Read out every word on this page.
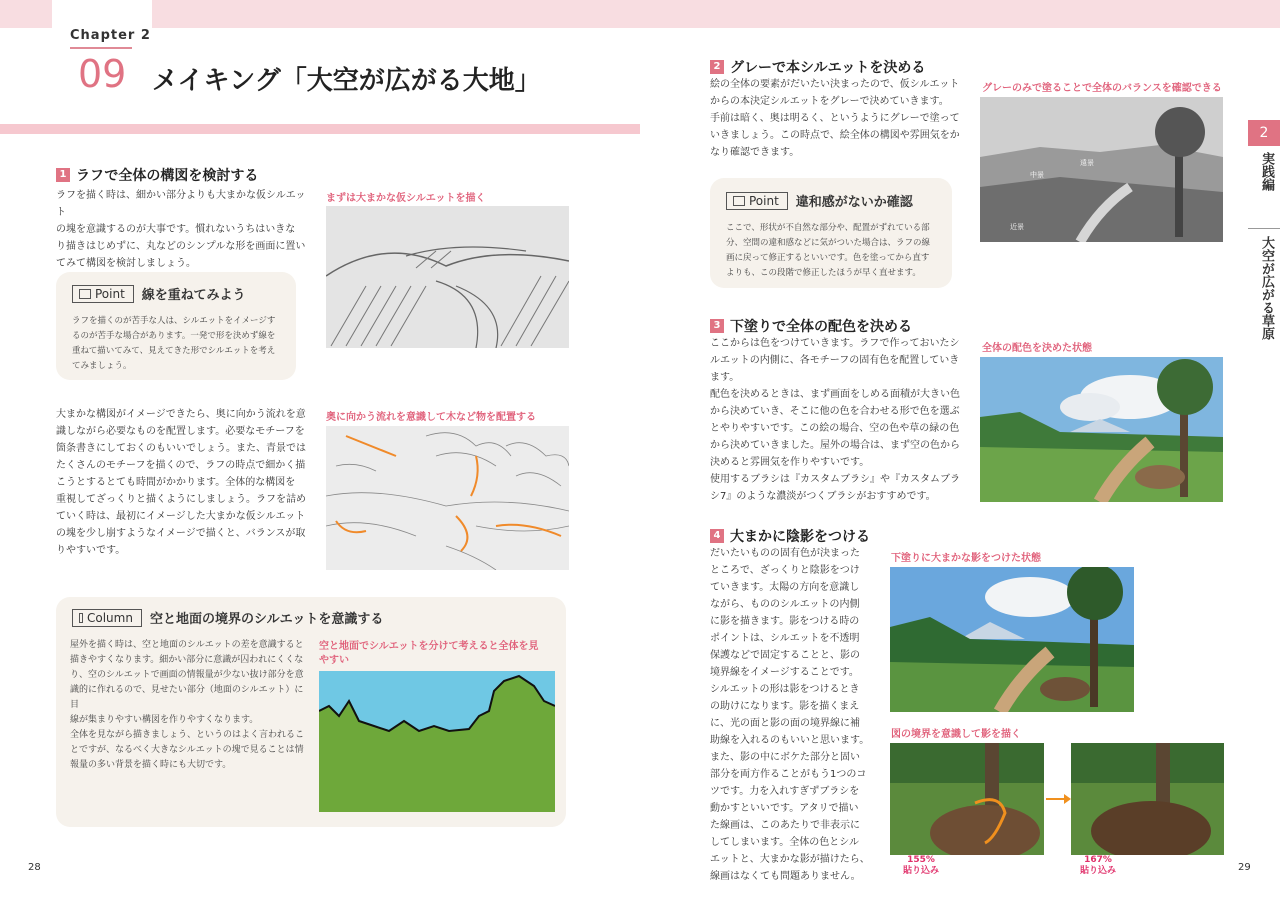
Chapter 2
09 メイキング「大空が広がる大地」
1 ラフで全体の構図を検討する
ラフを描く時は、細かい部分よりも大まかな仮シルエット
の塊を意識するのが大事です。慣れないうちはいきな
り描きはじめずに、丸などのシンプルな形を画面に置い
てみて構図を検討しましょう。
まずは大まかな仮シルエットを描く
Point 線を重ねてみよう
ラフを描くのが苦手な人は、シルエットをイメージす
るのが苦手な場合があります。一発で形を決めず線を
重ねて描いてみて、見えてきた形でシルエットを考え
てみましょう。
大まかな構図がイメージできたら、奥に向かう流れを意
識しながら必要なものを配置します。必要なモチーフを
箇条書きにしておくのもいいでしょう。また、青景では
たくさんのモチーフを描くので、ラフの時点で細かく描
こうとするとても時間がかかります。全体的な構図を
重視してざっくりと描くようにしましょう。ラフを詰め
ていく時は、最初にイメージした大まかな仮シルエット
の塊を少し崩すようなイメージで描くと、バランスが取
りやすいです。
奥に向かう流れを意識して木など物を配置する
Column 空と地面の境界のシルエットを意識する
屋外を描く時は、空と地面のシルエットの差を意識すると
描きやすくなります。細かい部分に意識が囚われにくくな
り、空のシルエットで画面の情報量が少ない抜け部分を意
識的に作れるので、見せたい部分（地面のシルエット）に目
線が集まりやすい構図を作りやすくなります。
全体を見ながら描きましょう、というのはよく言われるこ
とですが、なるべく大きなシルエットの塊で見ることは情
報量の多い背景を描く時にも大切です。
空と地面でシルエットを分けて考えると全体を見
やすい
28
2 グレーで本シルエットを決める
絵の全体の要素がだいたい決まったので、仮シルエット
からの本決定シルエットをグレーで決めていきます。
手前は暗く、奥は明るく、というようにグレーで塗って
いきましょう。この時点で、絵全体の構図や雰囲気をか
なり確認できます。
グレーのみで塗ることで全体のバランスを確認できる
中景
近景
遠景
Point 違和感がないか確認
ここで、形状が不自然な部分や、配置がずれている部
分、空間の違和感などに気がついた場合は、ラフの線
画に戻って修正するといいです。色を塗ってから直す
よりも、この段階で修正したほうが早く直せます。
3 下塗りで全体の配色を決める
ここからは色をつけていきます。ラフで作っておいたシ
ルエットの内側に、各モチーフの固有色を配置していき
ます。
配色を決めるときは、まず画面をしめる面積が大きい色
から決めていき、そこに他の色を合わせる形で色を選ぶ
とやりやすいです。この絵の場合、空の色や草の緑の色
から決めていきました。屋外の場合は、まず空の色から
決めると雰囲気を作りやすいです。
使用するブラシは『カスタムブラシ』や『カスタムブラ
シ7』のような濃淡がつくブラシがおすすめです。
全体の配色を決めた状態
4 大まかに陰影をつける
だいたいものの固有色が決まった
ところで、ざっくりと陰影をつけ
ていきます。太陽の方向を意識し
ながら、もののシルエットの内側
に影を描きます。影をつける時の
ポイントは、シルエットを不透明
保護などで固定することと、影の
境界線をイメージすることです。
シルエットの形は影をつけるとき
の助けになります。影を描くまえ
に、光の面と影の面の境界線に補
助線を入れるのもいいと思います。
また、影の中にボケた部分と固い
部分を両方作ることがもう1つのコ
ツです。力を入れすぎずブラシを
動かすといいです。アタリで描い
た線画は、このあたりで非表示に
してしまいます。全体の色とシル
エットと、大まかな影が描けたら、
線画はなくても問題ありません。
下塗りに大まかな影をつけた状態
図の境界を意識して影を描く
155%
貼り込み
167%
貼り込み
2
実践編
大空が広がる草原
29
